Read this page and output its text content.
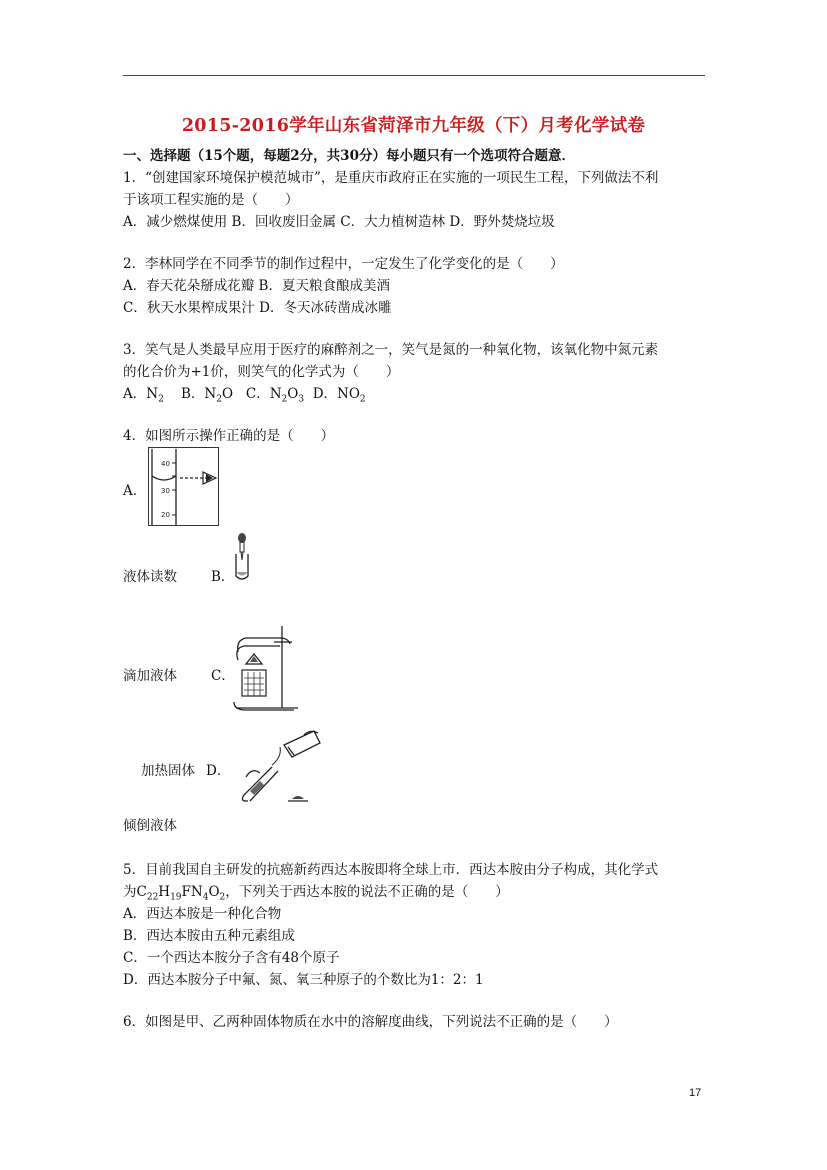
2015-2016学年山东省菏泽市九年级（下）月考化学试卷
一、选择题（15个题，每题2分，共30分）每小题只有一个选项符合题意．
1．“创建国家环境保护模范城市”，是重庆市政府正在实施的一项民生工程，下列做法不利
于该项工程实施的是（　　）
A．减少燃煤使用 B．回收废旧金属 C．大力植树造林 D．野外焚烧垃圾
2．李林同学在不同季节的制作过程中，一定发生了化学变化的是（　　）
A．春天花朵掰成花瓣 B．夏天粮食酿成美酒
C．秋天水果榨成果汁 D．冬天冰砖凿成冰雕
3．笑气是人类最早应用于医疗的麻醉剂之一，笑气是氮的一种氧化物，该氧化物中氮元素
的化合价为+1价，则笑气的化学式为（　　）
A．$N_2$ B．$N_2O$ C．$N_2O_3$ D．$NO_2$
4．如图所示操作正确的是（　　）
A．
40
30
20
液体读数	B．
滴加液体	C．
加热固体 D．
倾倒液体
5．目前我国自主研发的抗癌新药西达本胺即将全球上市．西达本胺由分子构成，其化学式
为$C_{22}H_{19}FN_4O_2$，下列关于西达本胺的说法不正确的是（　　）
A．西达本胺是一种化合物
B．西达本胺由五种元素组成
C．一个西达本胺分子含有48个原子
D．西达本胺分子中氟、氮、氧三种原子的个数比为1：2：1
6．如图是甲、乙两种固体物质在水中的溶解度曲线，下列说法不正确的是（　　）
17
